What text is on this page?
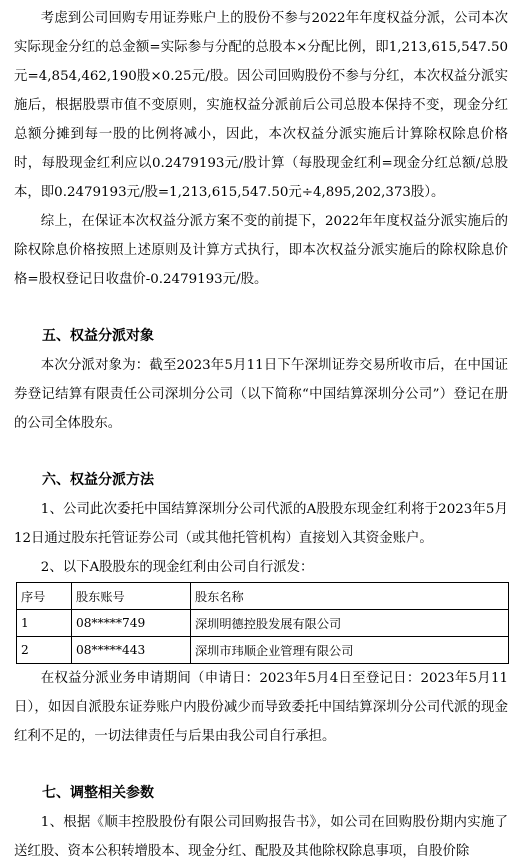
考虑到公司回购专用证券账户上的股份不参与2022年年度权益分派，公司本次实际现金分红的总金额=实际参与分配的总股本×分配比例，即1,213,615,547.50元=4,854,462,190股×0.25元/股。因公司回购股份不参与分红，本次权益分派实施后，根据股票市值不变原则，实施权益分派前后公司总股本保持不变，现金分红总额分摊到每一股的比例将减小，因此，本次权益分派实施后计算除权除息价格时，每股现金红利应以0.2479193元/股计算（每股现金红利=现金分红总额/总股本，即0.2479193元/股=1,213,615,547.50元÷4,895,202,373股）。

综上，在保证本次权益分派方案不变的前提下，2022年年度权益分派实施后的除权除息价格按照上述原则及计算方式执行，即本次权益分派实施后的除权除息价格=股权登记日收盘价-0.2479193元/股。

五、权益分派对象

本次分派对象为：截至2023年5月11日下午深圳证券交易所收市后，在中国证券登记结算有限责任公司深圳分公司（以下简称“中国结算深圳分公司”）登记在册的公司全体股东。

六、权益分派方法

1、公司此次委托中国结算深圳分公司代派的A股股东现金红利将于2023年5月12日通过股东托管证券公司（或其他托管机构）直接划入其资金账户。

2、以下A股股东的现金红利由公司自行派发：

序号	股东账号	股东名称
1	08*****749	深圳明德控股发展有限公司
2	08*****443	深圳市玮顺企业管理有限公司

在权益分派业务申请期间（申请日：2023年5月4日至登记日：2023年5月11日），如因自派股东证券账户内股份减少而导致委托中国结算深圳分公司代派的现金红利不足的，一切法律责任与后果由我公司自行承担。

七、调整相关参数

1、根据《顺丰控股股份有限公司回购报告书》，如公司在回购股份期内实施了送红股、资本公积转增股本、现金分红、配股及其他除权除息事项，自股价除
